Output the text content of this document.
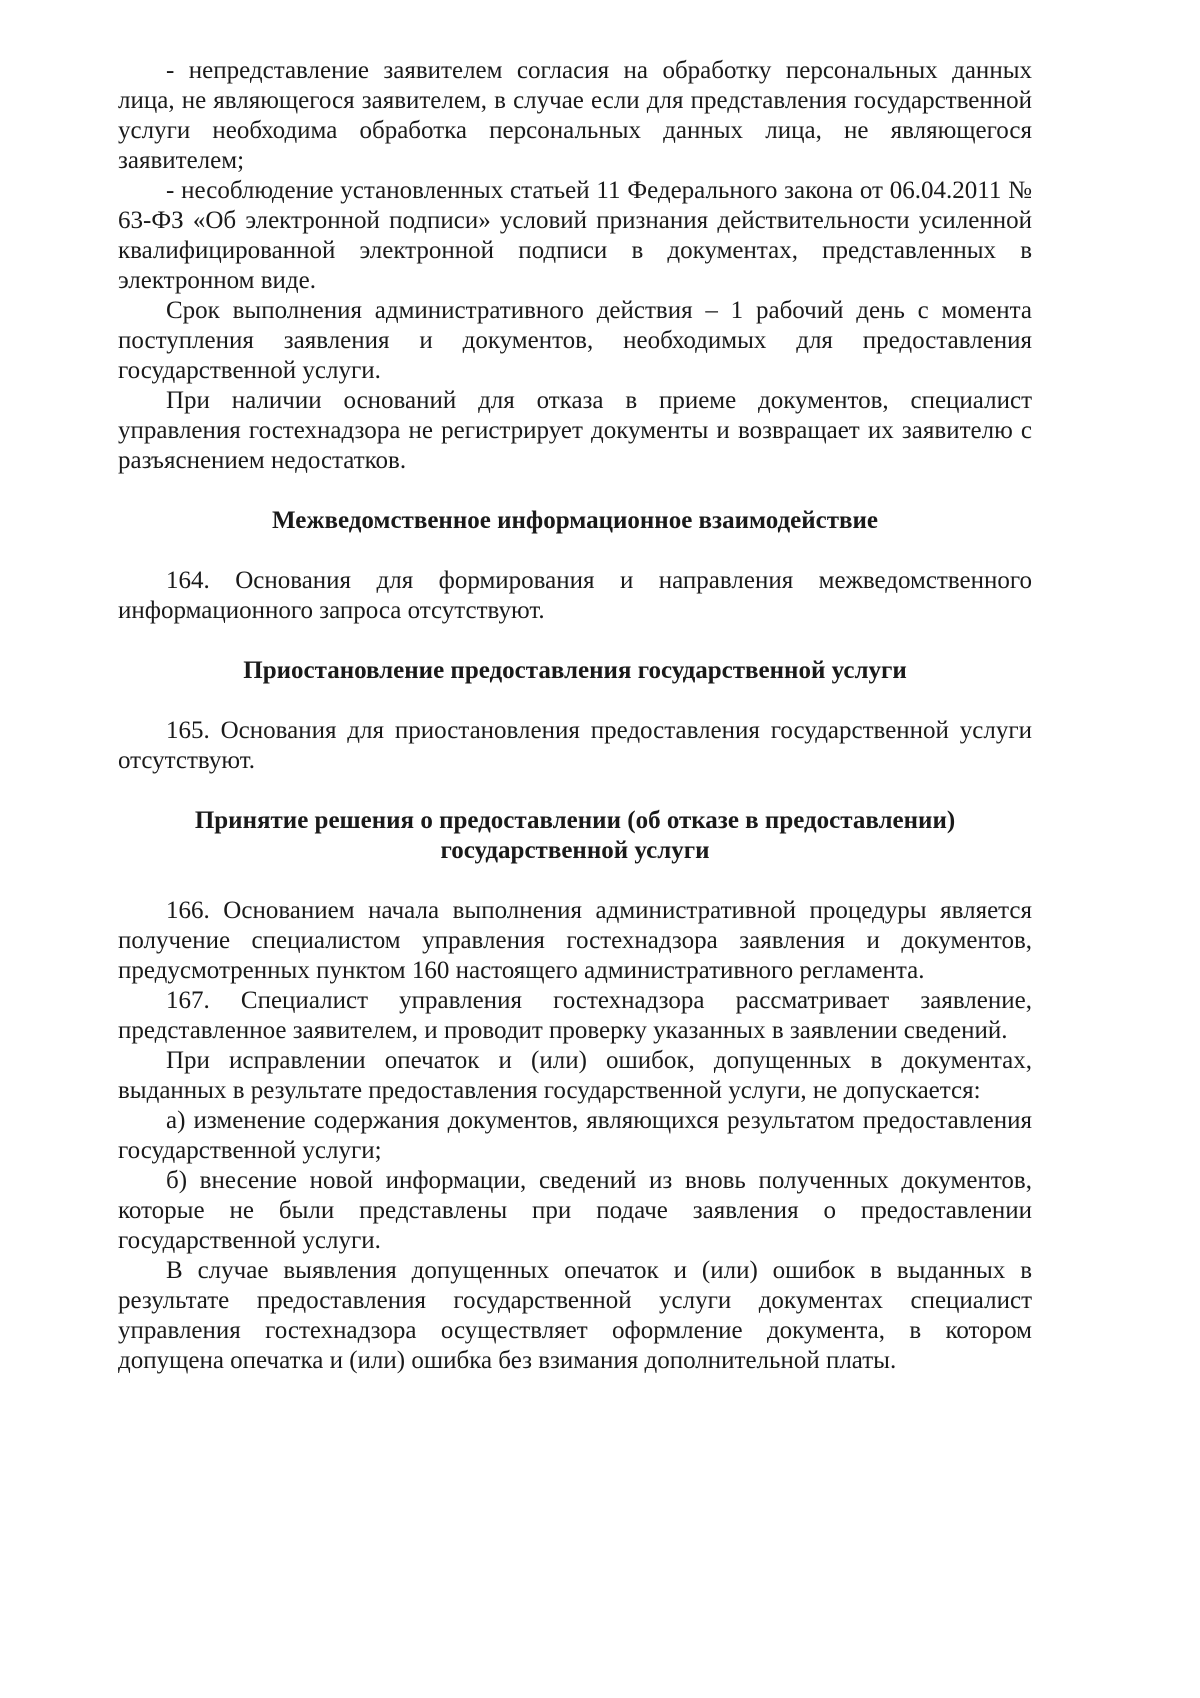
- непредставление заявителем согласия на обработку персональных данных лица, не являющегося заявителем, в случае если для представления государственной услуги необходима обработка персональных данных лица, не являющегося заявителем;

- несоблюдение установленных статьей 11 Федерального закона от 06.04.2011 № 63-ФЗ «Об электронной подписи» условий признания действительности усиленной квалифицированной электронной подписи в документах, представленных в электронном виде.

Срок выполнения административного действия – 1 рабочий день с момента поступления заявления и документов, необходимых для предоставления государственной услуги.

При наличии оснований для отказа в приеме документов, специалист управления гостехнадзора не регистрирует документы и возвращает их заявителю с разъяснением недостатков.

Межведомственное информационное взаимодействие

164. Основания для формирования и направления межведомственного информационного запроса отсутствуют.

Приостановление предоставления государственной услуги

165. Основания для приостановления предоставления государственной услуги отсутствуют.

Принятие решения о предоставлении (об отказе в предоставлении)

государственной услуги

166. Основанием начала выполнения административной процедуры является получение специалистом управления гостехнадзора заявления и документов, предусмотренных пунктом 160 настоящего административного регламента.

167. Специалист управления гостехнадзора рассматривает заявление, представленное заявителем, и проводит проверку указанных в заявлении сведений.

При исправлении опечаток и (или) ошибок, допущенных в документах, выданных в результате предоставления государственной услуги, не допускается:

а) изменение содержания документов, являющихся результатом предоставления государственной услуги;

б) внесение новой информации, сведений из вновь полученных документов, которые не были представлены при подаче заявления о предоставлении государственной услуги.

В случае выявления допущенных опечаток и (или) ошибок в выданных в результате предоставления государственной услуги документах специалист управления гостехнадзора осуществляет оформление документа, в котором допущена опечатка и (или) ошибка без взимания дополнительной платы.
